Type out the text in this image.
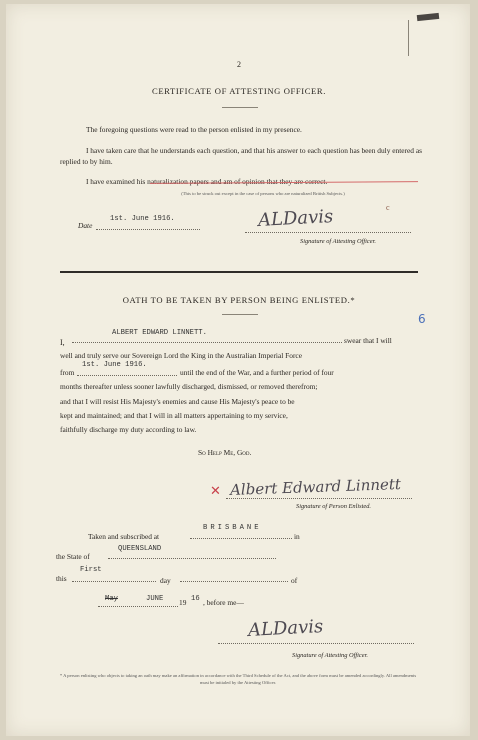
2
CERTIFICATE OF ATTESTING OFFICER.
The foregoing questions were read to the person enlisted in my presence.
I have taken care that he understands each question, and that his answer to each question has been duly entered as replied to by him.
I have examined his naturalization papers and am of opinion that they are correct.
(This to be struck out except in the case of persons who are naturalized British Subjects.)
c
Date
1st. June 1916.	ALDavis
Signature of Attesting Officer.
OATH TO BE TAKEN BY PERSON BEING ENLISTED.*
6
I,
ALBERT EDWARD LINNETT.
swear that I will
well and truly serve our Sovereign Lord the King in the Australian Imperial Force
from
1st. June 1916.
until the end of the War, and a further period of four
months thereafter unless sooner lawfully discharged, dismissed, or removed therefrom;
and that I will resist His Majesty's enemies and cause His Majesty's peace to be
kept and maintained; and that I will in all matters appertaining to my service,
faithfully discharge my duty according to law.
So Help Me, God.
✕ Albert Edward Linnett
Signature of Person Enlisted.
Taken and subscribed at
BRISBANE
in
the State of
QUEENSLAND
this
First
day	of
May	JUNE 19 16 , before me—
ALDavis
Signature of Attesting Officer.
* A person enlisting who objects to taking an oath may make an affirmation in accordance with the Third Schedule of the Act, and the above form must be amended accordingly. All amendments must be initialed by the Attesting Officer.
